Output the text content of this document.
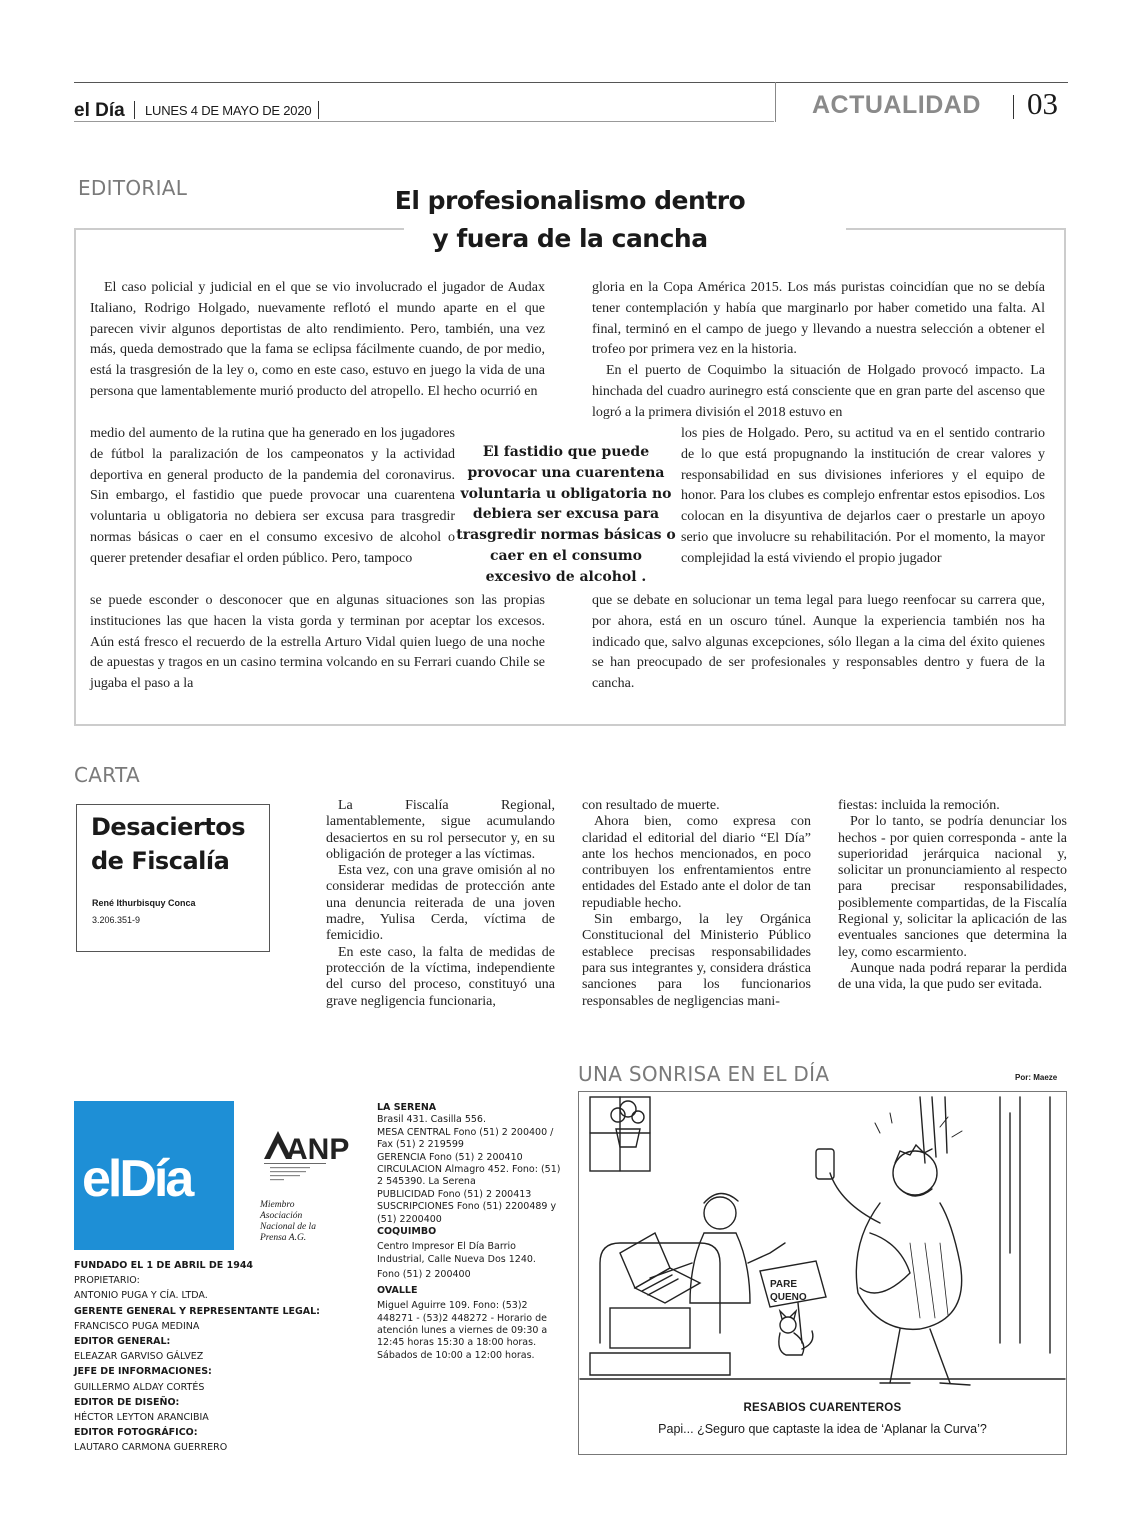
el Día LUNES 4 DE MAYO DE 2020	ACTUALIDAD 03
EDITORIAL	El profesionalismo dentro
y fuera de la cancha

El caso policial y judicial en el que se vio involucrado el jugador de Audax Italiano, Rodrigo Holgado, nuevamente reflotó el mundo aparte en el que parecen vivir algunos deportistas de alto rendimiento. Pero, también, una vez más, queda demostrado que la fama se eclipsa fácilmente cuando, de por medio, está la trasgresión de la ley o, como en este caso, estuvo en juego la vida de una persona que lamentablemente murió producto del atropello. El hecho ocurrió en

medio del aumento de la rutina que ha generado en los jugadores de fútbol la paralización de los campeonatos y la actividad deportiva en general producto de la pandemia del coronavirus. Sin embargo, el fastidio que puede provocar una cuarentena voluntaria u obligatoria no debiera ser excusa para trasgredir normas básicas o caer en el consumo excesivo de alcohol o querer pretender desafiar el orden público. Pero, tampoco

se puede esconder o desconocer que en algunas situaciones son las propias instituciones las que hacen la vista gorda y terminan por aceptar los excesos. Aún está fresco el recuerdo de la estrella Arturo Vidal quien luego de una noche de apuestas y tragos en un casino termina volcando en su Ferrari cuando Chile se jugaba el paso a la

gloria en la Copa América 2015. Los más puristas coincidían que no se debía tener contemplación y había que marginarlo por haber cometido una falta. Al final, terminó en el campo de juego y llevando a nuestra selección a obtener el trofeo por primera vez en la historia.

En el puerto de Coquimbo la situación de Holgado provocó impacto. La hinchada del cuadro aurinegro está consciente que en gran parte del ascenso que logró a la primera división el 2018 estuvo en

los pies de Holgado. Pero, su actitud va en el sentido contrario de lo que está propugnando la institución de crear valores y responsabilidad en sus divisiones inferiores y el equipo de honor. Para los clubes es complejo enfrentar estos episodios. Los colocan en la disyuntiva de dejarlos caer o prestarle un apoyo serio que involucre su rehabilitación. Por el momento, la mayor complejidad la está viviendo el propio jugador

que se debate en solucionar un tema legal para luego reenfocar su carrera que, por ahora, está en un oscuro túnel. Aunque la experiencia también nos ha indicado que, salvo algunas excepciones, sólo llegan a la cima del éxito quienes se han preocupado de ser profesionales y responsables dentro y fuera de la cancha.

El fastidio que puede provocar una cuarentena voluntaria u obligatoria no debiera ser excusa para trasgredir normas básicas o caer en el consumo excesivo de alcohol .
CARTA
Desaciertos
de Fiscalía
René Ithurbisquy Conca
3.206.351-9

La Fiscalía Regional, lamentablemente, sigue acumulando desaciertos en su rol persecutor y, en su obligación de proteger a las víctimas.

Esta vez, con una grave omisión al no considerar medidas de protección ante una denuncia reiterada de una joven madre, Yulisa Cerda, víctima de femicidio.

En este caso, la falta de medidas de protección de la víctima, independiente del curso del proceso, constituyó una grave negligencia funcionaria,

con resultado de muerte.

Ahora bien, como expresa con claridad el editorial del diario “El Día” ante los hechos mencionados, en poco contribuyen los enfrentamientos entre entidades del Estado ante el dolor de tan repudiable hecho.

Sin embargo, la ley Orgánica Constitucional del Ministerio Público establece precisas responsabilidades para sus integrantes y, considera drástica sanciones para los funcionarios responsables de negligencias mani-

fiestas: incluida la remoción.

Por lo tanto, se podría denunciar los hechos - por quien corresponda - ante la superioridad jerárquica nacional y, solicitar un pronunciamiento al respecto para precisar responsabilidades, posiblemente compartidas, de la Fiscalía Regional y, solicitar la aplicación de las eventuales sanciones que determina la ley, como escarmiento.

Aunque nada podrá reparar la perdida de una vida, la que pudo ser evitada.

elDía
ANP
Miembro Asociación Nacional de la Prensa A.G.
FUNDADO EL 1 DE ABRIL DE 1944
PROPIETARIO:
ANTONIO PUGA Y CÍA. LTDA.
GERENTE GENERAL Y REPRESENTANTE LEGAL:
FRANCISCO PUGA MEDINA
EDITOR GENERAL:
ELEAZAR GARVISO GÁLVEZ
JEFE DE INFORMACIONES:
GUILLERMO ALDAY CORTÉS
EDITOR DE DISEÑO:
HÉCTOR LEYTON ARANCIBIA
EDITOR FOTOGRÁFICO:
LAUTARO CARMONA GUERRERO
LA SERENA
Brasil 431. Casilla 556.
MESA CENTRAL Fono (51) 2 200400 / Fax (51) 2 219599
GERENCIA Fono (51) 2 200410
CIRCULACION Almagro 452. Fono: (51) 2 545390. La Serena
PUBLICIDAD Fono (51) 2 200413
SUSCRIPCIONES Fono (51) 2200489 y (51) 2200400
COQUIMBO
Centro Impresor El Día Barrio Industrial, Calle Nueva Dos 1240.
Fono (51) 2 200400
OVALLE
Miguel Aguirre 109. Fono: (53)2 448271 - (53)2 448272 - Horario de atención lunes a viernes de 09:30 a 12:45 horas 15:30 a 18:00 horas. Sábados de 10:00 a 12:00 horas.
UNA SONRISA EN EL DÍA	Por: Maeze
PARE
QUENO
RESABIOS CUARENTEROS
Papi... ¿Seguro que captaste la idea de ‘Aplanar la Curva’?
